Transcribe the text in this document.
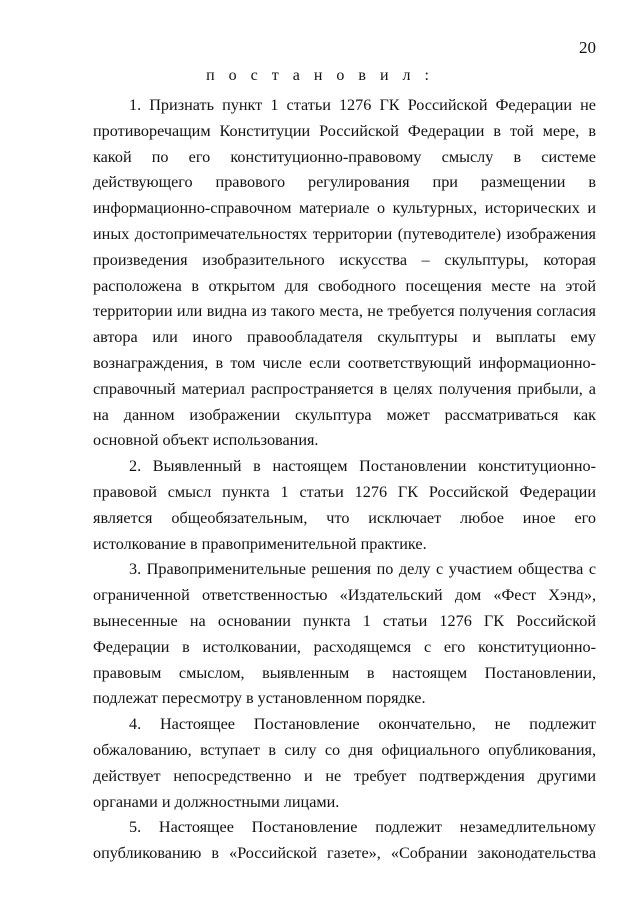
20
п о с т а н о в и л :

1. Признать пункт 1 статьи 1276 ГК Российской Федерации не противоречащим Конституции Российской Федерации в той мере, в какой по его конституционно-правовому смыслу в системе действующего правового регулирования при размещении в информационно-справочном материале о культурных, исторических и иных достопримечательностях территории (путеводителе) изображения произведения изобразительного искусства – скульптуры, которая расположена в открытом для свободного посещения месте на этой территории или видна из такого места, не требуется получения согласия автора или иного правообладателя скульптуры и выплаты ему вознаграждения, в том числе если соответствующий информационно-справочный материал распространяется в целях получения прибыли, а на данном изображении скульптура может рассматриваться как основной объект использования.

2. Выявленный в настоящем Постановлении конституционно-правовой смысл пункта 1 статьи 1276 ГК Российской Федерации является общеобязательным, что исключает любое иное его истолкование в правоприменительной практике.

3. Правоприменительные решения по делу с участием общества с ограниченной ответственностью «Издательский дом «Фест Хэнд», вынесенные на основании пункта 1 статьи 1276 ГК Российской Федерации в истолковании, расходящемся с его конституционно-правовым смыслом, выявленным в настоящем Постановлении, подлежат пересмотру в установленном порядке.

4. Настоящее Постановление окончательно, не подлежит обжалованию, вступает в силу со дня официального опубликования, действует непосредственно и не требует подтверждения другими органами и должностными лицами.

5. Настоящее Постановление подлежит незамедлительному опубликованию в «Российской газете», «Собрании законодательства
